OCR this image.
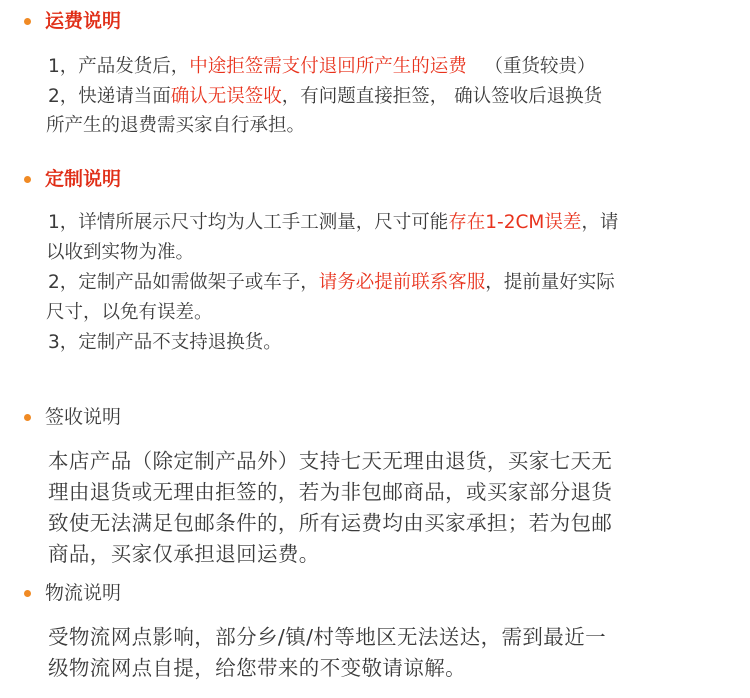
运费说明
1，产品发货后，中途拒签需支付退回所产生的运费   （重货较贵）
2，快递请当面确认无误签收，有问题直接拒签， 确认签收后退换货
所产生的退费需买家自行承担。
定制说明
1，详情所展示尺寸均为人工手工测量，尺寸可能存在1-2CM误差，请
以收到实物为准。
2，定制产品如需做架子或车子，请务必提前联系客服，提前量好实际
尺寸，以免有误差。
3，定制产品不支持退换货。
签收说明
本店产品（除定制产品外）支持七天无理由退货，买家七天无
理由退货或无理由拒签的，若为非包邮商品，或买家部分退货
致使无法满足包邮条件的，所有运费均由买家承担；若为包邮
商品，买家仅承担退回运费。
物流说明
受物流网点影响，部分乡/镇/村等地区无法送达，需到最近一
级物流网点自提，给您带来的不变敬请谅解。
